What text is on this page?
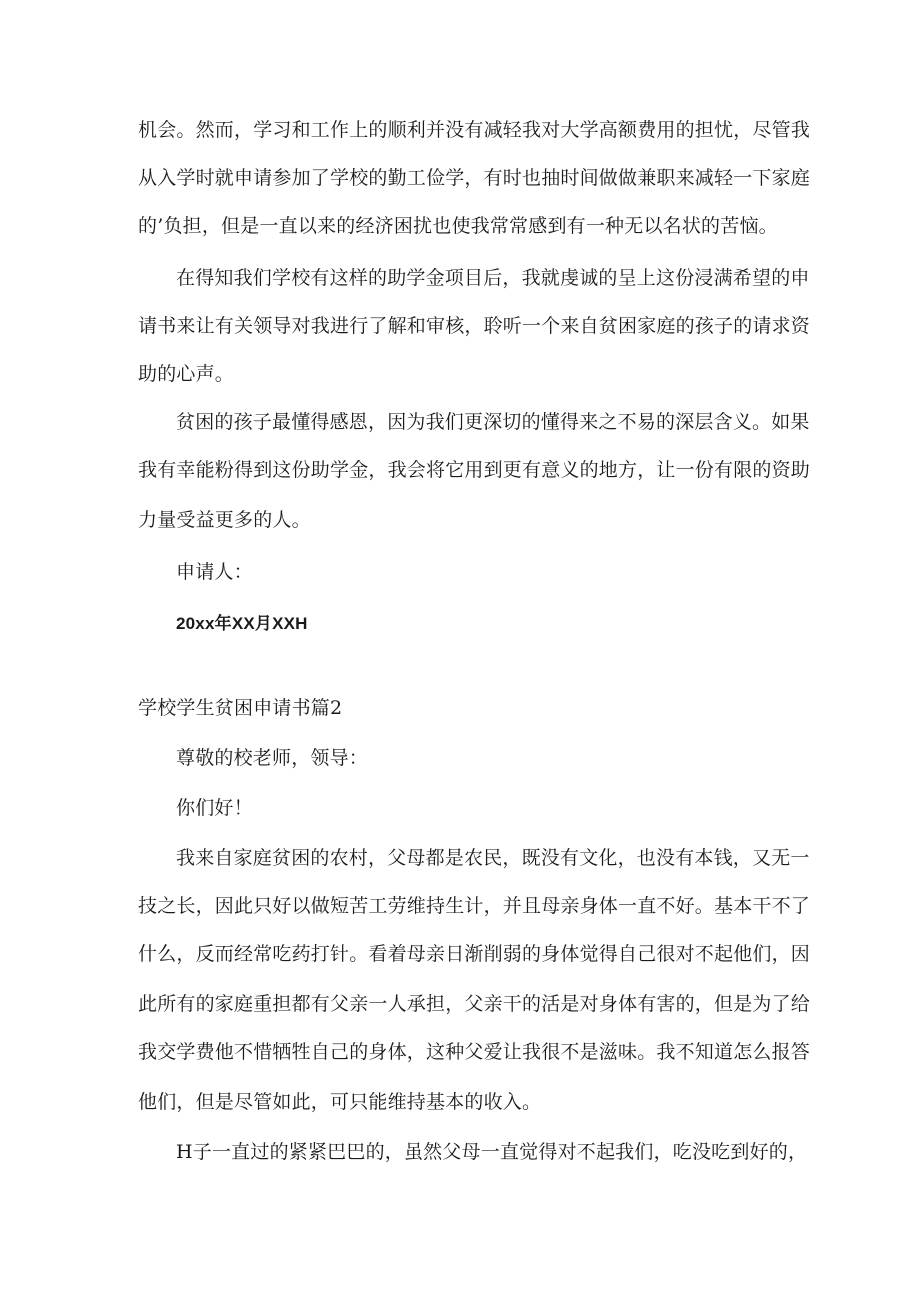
机会。然而，学习和工作上的顺利并没有减轻我对大学高额费用的担忧，尽管我
从入学时就申请参加了学校的勤工俭学，有时也抽时间做做兼职来减轻一下家庭
的’负担，但是一直以来的经济困扰也使我常常感到有一种无以名状的苦恼。
在得知我们学校有这样的助学金项目后，我就虔诚的呈上这份浸满希望的申
请书来让有关领导对我进行了解和审核，聆听一个来自贫困家庭的孩子的请求资
助的心声。
贫困的孩子最懂得感恩，因为我们更深切的懂得来之不易的深层含义。如果
我有幸能粉得到这份助学金，我会将它用到更有意义的地方，让一份有限的资助
力量受益更多的人。
申请人：
20xx年XX月XXH
学校学生贫困申请书篇2
尊敬的校老师，领导：
你们好！
我来自家庭贫困的农村，父母都是农民，既没有文化，也没有本钱，又无一
技之长，因此只好以做短苦工劳维持生计，并且母亲身体一直不好。基本干不了
什么，反而经常吃药打针。看着母亲日渐削弱的身体觉得自己很对不起他们，因
此所有的家庭重担都有父亲一人承担，父亲干的活是对身体有害的，但是为了给
我交学费他不惜牺牲自己的身体，这种父爱让我很不是滋味。我不知道怎么报答
他们，但是尽管如此，可只能维持基本的收入。
H子一直过的紧紧巴巴的，虽然父母一直觉得对不起我们，吃没吃到好的，
